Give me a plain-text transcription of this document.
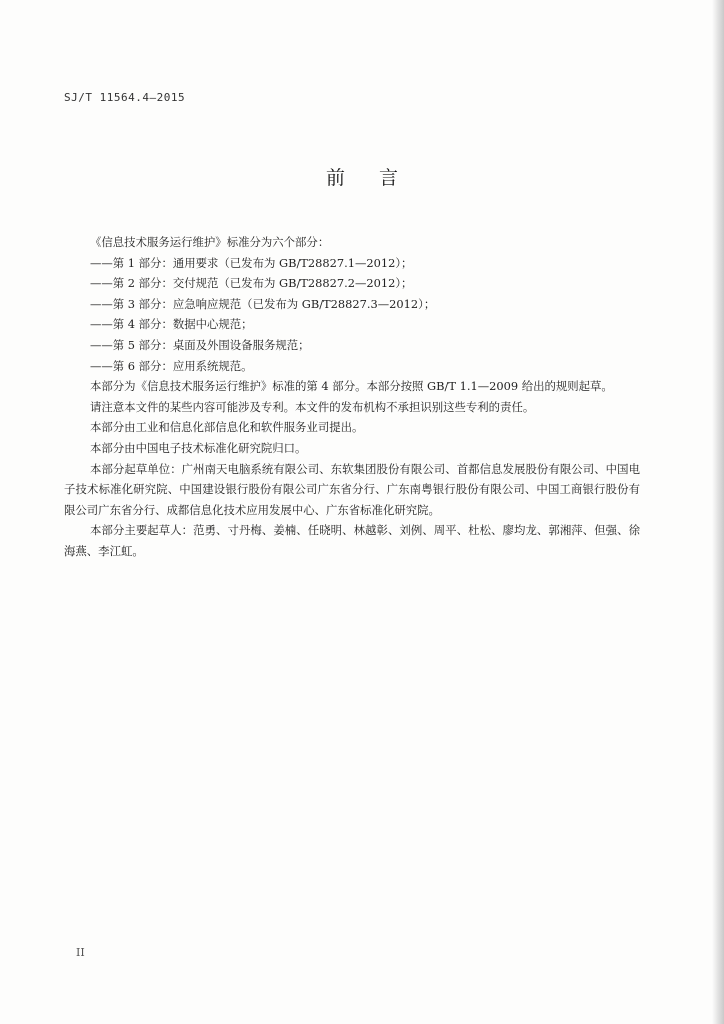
SJ/T 11564.4—2015
前言
《信息技术服务运行维护》标准分为六个部分：
——第 1 部分：通用要求（已发布为 GB/T28827.1—2012）；
——第 2 部分：交付规范（已发布为 GB/T28827.2—2012）；
——第 3 部分：应急响应规范（已发布为 GB/T28827.3—2012）；
——第 4 部分：数据中心规范；
——第 5 部分：桌面及外围设备服务规范；
——第 6 部分：应用系统规范。
本部分为《信息技术服务运行维护》标准的第 4 部分。本部分按照 GB/T 1.1—2009 给出的规则起草。
请注意本文件的某些内容可能涉及专利。本文件的发布机构不承担识别这些专利的责任。
本部分由工业和信息化部信息化和软件服务业司提出。
本部分由中国电子技术标准化研究院归口。
本部分起草单位：广州南天电脑系统有限公司、东软集团股份有限公司、首都信息发展股份有限公司、中国电子技术标准化研究院、中国建设银行股份有限公司广东省分行、广东南粤银行股份有限公司、中国工商银行股份有限公司广东省分行、成都信息化技术应用发展中心、广东省标准化研究院。
本部分主要起草人：范勇、寸丹梅、姜楠、任晓明、林越彰、刘例、周平、杜松、廖均龙、郭湘萍、但强、徐海燕、李江虹。
II
